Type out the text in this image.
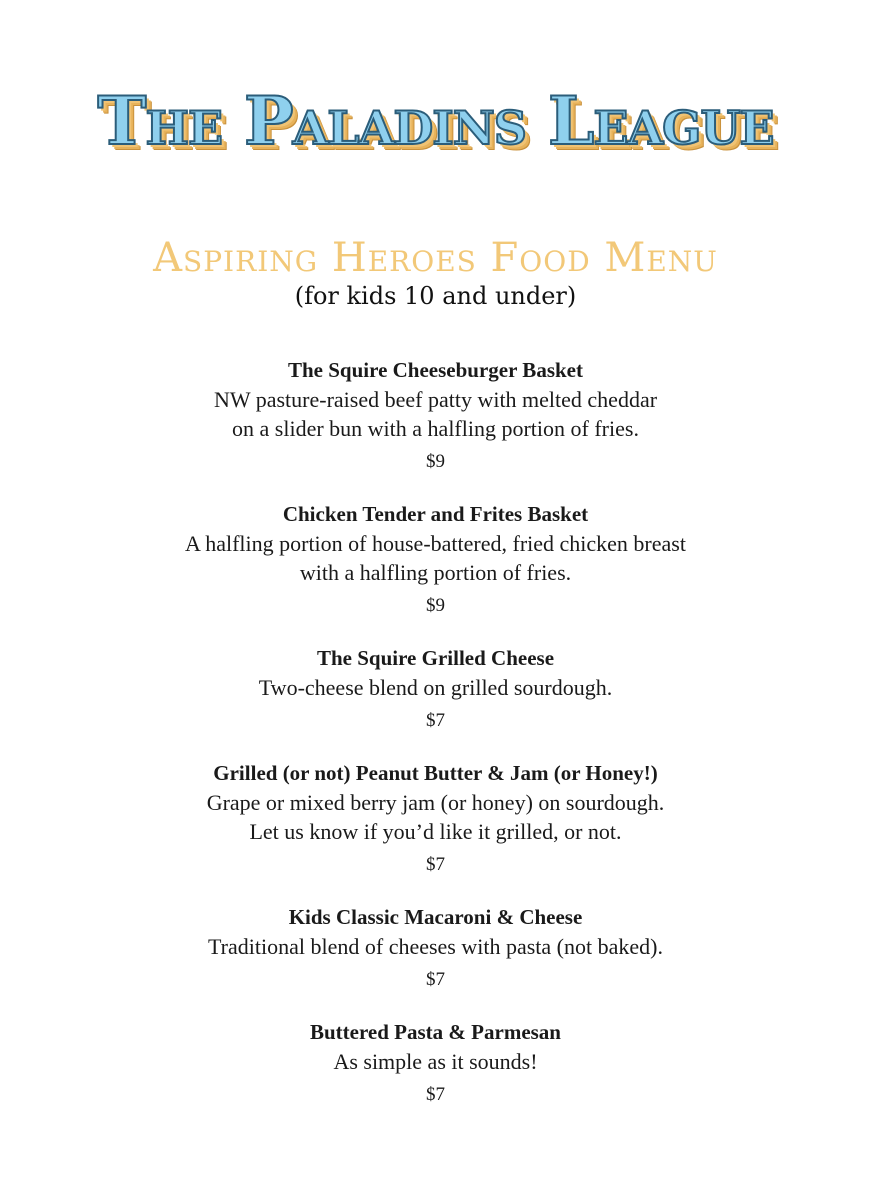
The Paladins League
Aspiring Heroes Food Menu
(for kids 10 and under)
The Squire Cheeseburger Basket
NW pasture-raised beef patty with melted cheddar
on a slider bun with a halfling portion of fries.
$9
Chicken Tender and Frites Basket
A halfling portion of house-battered, fried chicken breast
with a halfling portion of fries.
$9
The Squire Grilled Cheese
Two-cheese blend on grilled sourdough.
$7
Grilled (or not) Peanut Butter & Jam (or Honey!)
Grape or mixed berry jam (or honey) on sourdough.
Let us know if you’d like it grilled, or not.
$7
Kids Classic Macaroni & Cheese
Traditional blend of cheeses with pasta (not baked).
$7
Buttered Pasta & Parmesan
As simple as it sounds!
$7
